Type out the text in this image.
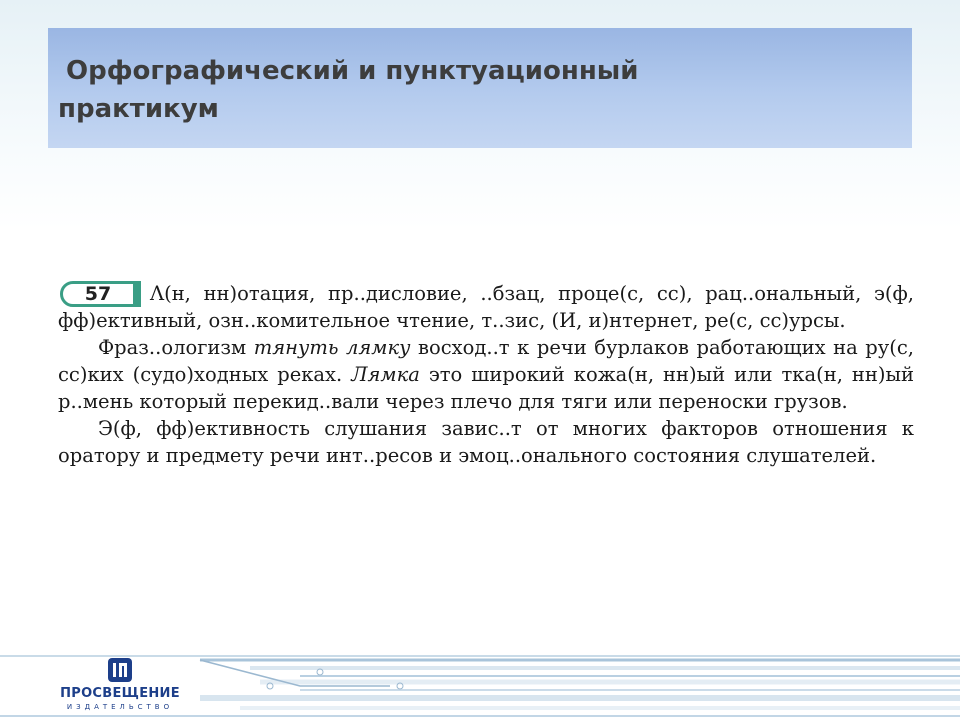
Орфографический и пунктуационный
практикум
57	Λ(н, нн)отация, пр..дисловие, ..бзац, проце(с, сс), рац..ональный, э(ф, фф)ективный, озн..комительное чтение, т..зис, (И, и)нтернет, ре(с, сс)урсы.

Фраз..ологизм тянуть лямку восход..т к речи бурлаков работающих на ру(с, сс)ких (судо)ходных реках. Лямка это широкий кожа(н, нн)ый или тка(н, нн)ый р..мень который перекид..вали через плечо для тяги или переноски грузов.

Э(ф, фф)ективность слушания завис..т от многих факторов отношения к оратору и предмету речи инт..ресов и эмоц..онального состояния слушателей.

ПРОСВЕЩЕНИЕ
ИЗДАТЕЛЬСТВО
